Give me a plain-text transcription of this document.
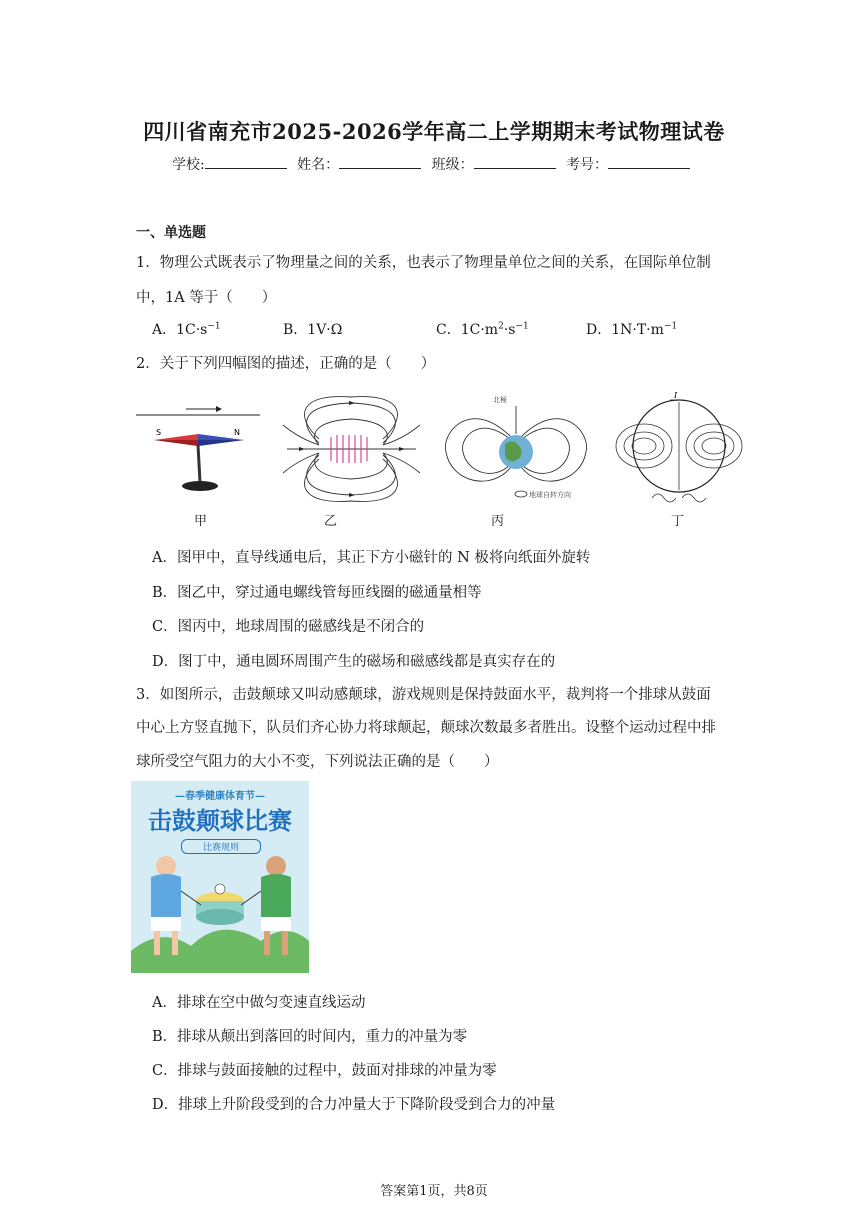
四川省南充市2025-2026学年高二上学期期末考试物理试卷
学校:	姓名：	班级：	考号：
一、单选题
1．物理公式既表示了物理量之间的关系，也表示了物理量单位之间的关系，在国际单位制
中，1A 等于（　　）
A．$1C\cdot s^{-1}$	B．1V·Ω	C．$1C\cdot m^2\cdot s^{-1}$	D．$1N\cdot T\cdot m^{-1}$
2．关于下列四幅图的描述，正确的是（　　）
S	N
甲	乙
北極
地球自转方向
丙
I
丁
A．图甲中，直导线通电后，其正下方小磁针的 N 极将向纸面外旋转
B．图乙中，穿过通电螺线管每匝线圈的磁通量相等
C．图丙中，地球周围的磁感线是不闭合的
D．图丁中，通电圆环周围产生的磁场和磁感线都是真实存在的
3．如图所示，击鼓颠球又叫动感颠球，游戏规则是保持鼓面水平，裁判将一个排球从鼓面
中心上方竖直抛下，队员们齐心协力将球颠起，颠球次数最多者胜出。设整个运动过程中排
球所受空气阻力的大小不变，下列说法正确的是（　　）
—春季健康体育节—
击鼓颠球比赛
比赛规则
A．排球在空中做匀变速直线运动
B．排球从颠出到落回的时间内，重力的冲量为零
C．排球与鼓面接触的过程中，鼓面对排球的冲量为零
D．排球上升阶段受到的合力冲量大于下降阶段受到合力的冲量
答案第1页，共8页
